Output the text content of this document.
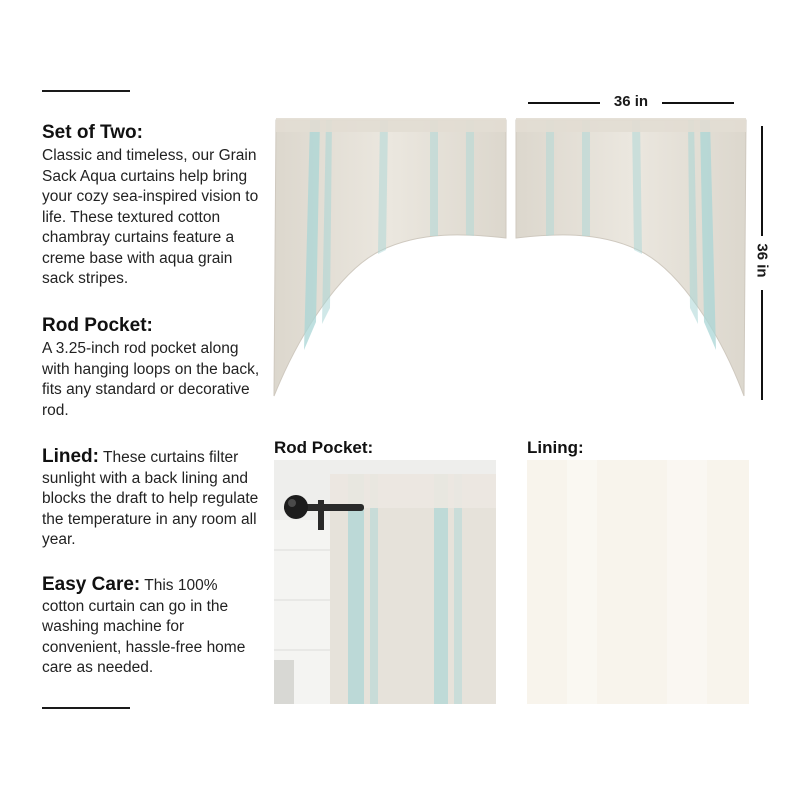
Set of Two:
Classic and timeless, our Grain Sack Aqua curtains help bring your cozy sea-inspired vision to life. These textured cotton chambray curtains feature a creme base with aqua grain sack stripes.
Rod Pocket:
A 3.25-inch rod pocket along with hanging loops on the back, fits any standard or decorative rod.
Lined: These curtains filter sunlight with a back lining and blocks the draft to help regulate the temperature in any room all year.
Easy Care: This 100% cotton curtain can go in the washing machine for convenient, hassle-free home care as needed.
36 in
36 in
Rod Pocket:	Lining:
